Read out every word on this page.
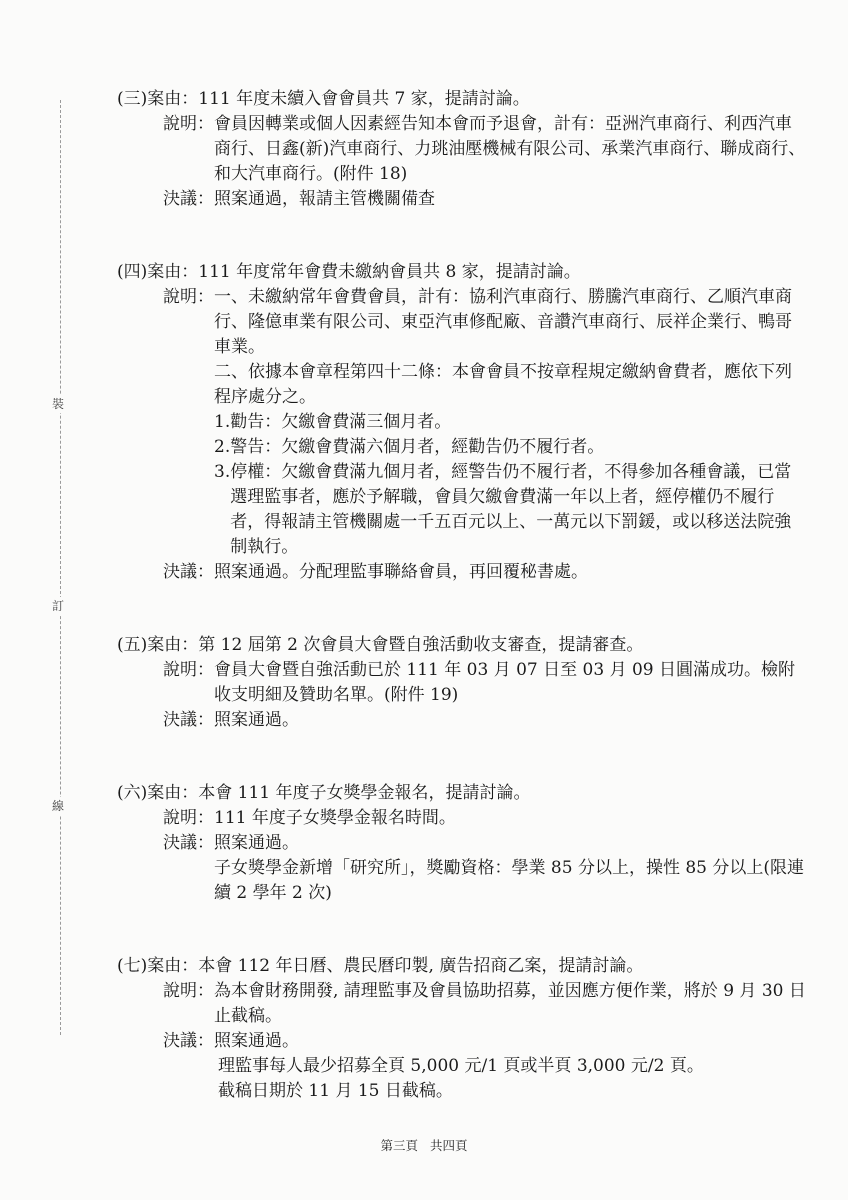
裝
訂
線
(三)案由： 111 年度未續入會會員共 7 家，提請討論。
說明： 會員因轉業或個人因素經告知本會而予退會，計有：亞洲汽車商行、利西汽車商行、日鑫(新)汽車商行、力珧油壓機械有限公司、承業汽車商行、聯成商行、和大汽車商行。(附件 18)
決議： 照案通過，報請主管機關備查
(四)案由： 111 年度常年會費未繳納會員共 8 家，提請討論。
說明： 一、未繳納常年會費會員，計有：協利汽車商行、勝騰汽車商行、乙順汽車商行、隆億車業有限公司、東亞汽車修配廠、音讚汽車商行、辰祥企業行、鴨哥車業。
二、依據本會章程第四十二條：本會會員不按章程規定繳納會費者，應依下列程序處分之。
1. 勸告：欠繳會費滿三個月者。
2. 警告：欠繳會費滿六個月者，經勸告仍不履行者。
3. 停權：欠繳會費滿九個月者，經警告仍不履行者，不得參加各種會議，已當選理監事者，應於予解職，會員欠繳會費滿一年以上者，經停權仍不履行者，得報請主管機關處一千五百元以上、一萬元以下罰鍰，或以移送法院強制執行。
決議： 照案通過。分配理監事聯絡會員，再回覆秘書處。
(五)案由： 第 12 屆第 2 次會員大會暨自強活動收支審查，提請審查。
說明： 會員大會暨自強活動已於 111 年 03 月 07 日至 03 月 09 日圓滿成功。檢附收支明細及贊助名單。(附件 19)
決議： 照案通過。
(六)案由： 本會 111 年度子女獎學金報名，提請討論。
說明： 111 年度子女獎學金報名時間。
決議： 照案通過。
子女獎學金新增「研究所」，獎勵資格：學業 85 分以上，操性 85 分以上(限連續 2 學年 2 次)
(七)案由： 本會 112 年日曆、農民曆印製, 廣告招商乙案，提請討論。
說明： 為本會財務開發, 請理監事及會員協助招募，並因應方便作業，將於 9 月 30 日止截稿。
決議： 照案通過。
理監事每人最少招募全頁 5,000 元/1 頁或半頁 3,000 元/2 頁。
截稿日期於 11 月 15 日截稿。
第三頁 共四頁
